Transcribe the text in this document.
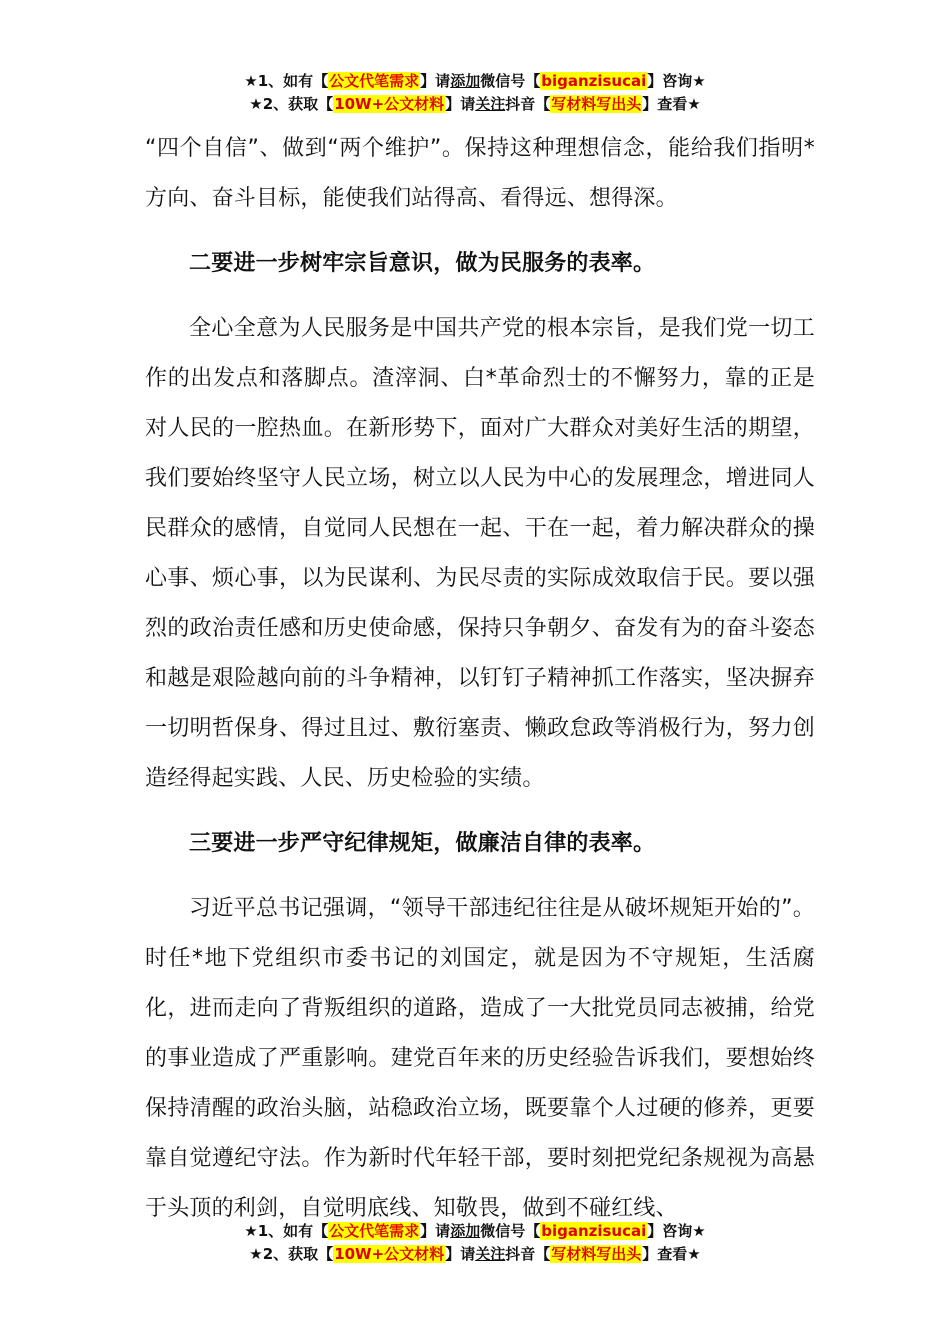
★1、如有【公文代笔需求】请添加微信号【biganzisucai】咨询★
★2、获取【10W+公文材料】请关注抖音【写材料写出头】查看★

“四个自信”、做到“两个维护”。保持这种理想信念，能给我们指明*方向、奋斗目标，能使我们站得高、看得远、想得深。

二要进一步树牢宗旨意识，做为民服务的表率。

全心全意为人民服务是中国共产党的根本宗旨，是我们党一切工作的出发点和落脚点。渣滓洞、白*革命烈士的不懈努力，靠的正是对人民的一腔热血。在新形势下，面对广大群众对美好生活的期望，我们要始终坚守人民立场，树立以人民为中心的发展理念，增进同人民群众的感情，自觉同人民想在一起、干在一起，着力解决群众的操心事、烦心事，以为民谋利、为民尽责的实际成效取信于民。要以强烈的政治责任感和历史使命感，保持只争朝夕、奋发有为的奋斗姿态和越是艰险越向前的斗争精神，以钉钉子精神抓工作落实，坚决摒弃一切明哲保身、得过且过、敷衍塞责、懒政怠政等消极行为，努力创造经得起实践、人民、历史检验的实绩。

三要进一步严守纪律规矩，做廉洁自律的表率。

习近平总书记强调，“领导干部违纪往往是从破坏规矩开始的”。时任*地下党组织市委书记的刘国定，就是因为不守规矩，生活腐化，进而走向了背叛组织的道路，造成了一大批党员同志被捕，给党的事业造成了严重影响。建党百年来的历史经验告诉我们，要想始终保持清醒的政治头脑，站稳政治立场，既要靠个人过硬的修养，更要靠自觉遵纪守法。作为新时代年轻干部，要时刻把党纪条规视为高悬于头顶的利剑，自觉明底线、知敬畏，做到不碰红线、

★1、如有【公文代笔需求】请添加微信号【biganzisucai】咨询★
★2、获取【10W+公文材料】请关注抖音【写材料写出头】查看★
